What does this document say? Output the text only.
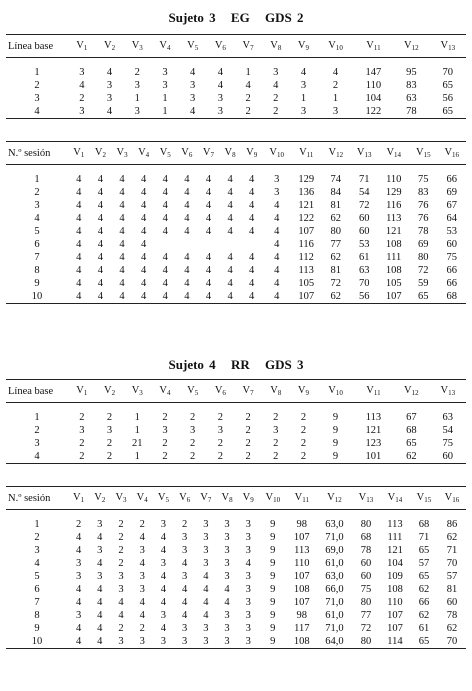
Sujeto 3 EG GDS 2
Línea base	$V_1$	$V_2$	$V_3$	$V_4$	$V_5$	$V_6$	$V_7$	$V_8$	$V_9$	$V_{10}$	$V_{11}$	$V_{12}$	$V_{13}$

1	3	4	2	3	4	4	1	3	4	4	147	95	70
2	4	3	3	3	3	4	4	4	3	2	110	83	65
3	2	3	1	1	3	3	2	2	1	1	104	63	56
4	3	4	3	1	4	3	2	2	3	3	122	78	65
N.º sesión	$V_1$	$V_2$	$V_3$	$V_4$	$V_5$	$V_6$	$V_7$	$V_8$	$V_9$	$V_{10}$	$V_{11}$	$V_{12}$	$V_{13}$	$V_{14}$	$V_{15}$	$V_{16}$

1	4	4	4	4	4	4	4	4	4	3	129	74	71	110	75	66
2	4	4	4	4	4	4	4	4	4	3	136	84	54	129	83	69
3	4	4	4	4	4	4	4	4	4	4	121	81	72	116	76	67
4	4	4	4	4	4	4	4	4	4	4	122	62	60	113	76	64
5	4	4	4	4	4	4	4	4	4	4	107	80	60	121	78	53
6	4	4	4	4						4	116	77	53	108	69	60
7	4	4	4	4	4	4	4	4	4	4	112	62	61	111	80	75
8	4	4	4	4	4	4	4	4	4	4	113	81	63	108	72	66
9	4	4	4	4	4	4	4	4	4	4	105	72	70	105	59	66
10	4	4	4	4	4	4	4	4	4	4	107	62	56	107	65	68
Sujeto 4 RR GDS 3
Línea base	$V_1$	$V_2$	$V_3$	$V_4$	$V_5$	$V_6$	$V_7$	$V_8$	$V_9$	$V_{10}$	$V_{11}$	$V_{12}$	$V_{13}$

1	2	2	1	2	2	2	2	2	2	9	113	67	63
2	3	3	1	3	3	3	2	3	2	9	121	68	54
3	2	2	21	2	2	2	2	2	2	9	123	65	75
4	2	2	1	2	2	2	2	2	2	9	101	62	60
N.º sesión	$V_1$	$V_2$	$V_3$	$V_4$	$V_5$	$V_6$	$V_7$	$V_8$	$V_9$	$V_{10}$	$V_{11}$	$V_{12}$	$V_{13}$	$V_{14}$	$V_{15}$	$V_{16}$

1	2	3	2	2	3	2	3	3	3	9	98	63,0	80	113	68	86
2	4	4	2	4	4	3	3	3	3	9	107	71,0	68	111	71	62
3	4	3	2	3	4	3	3	3	3	9	113	69,0	78	121	65	71
4	3	4	2	4	3	4	3	3	4	9	110	61,0	60	104	57	70
5	3	3	3	3	4	3	4	3	3	9	107	63,0	60	109	65	57
6	4	4	3	3	4	4	4	4	3	9	108	66,0	75	108	62	81
7	4	4	4	4	4	4	4	4	3	9	107	71,0	80	110	66	60
8	3	4	4	4	3	4	4	3	3	9	98	61,0	77	107	62	78
9	4	4	2	2	4	3	3	3	3	9	117	71,0	72	107	61	62
10	4	4	3	3	3	3	3	3	3	9	108	64,0	80	114	65	70
